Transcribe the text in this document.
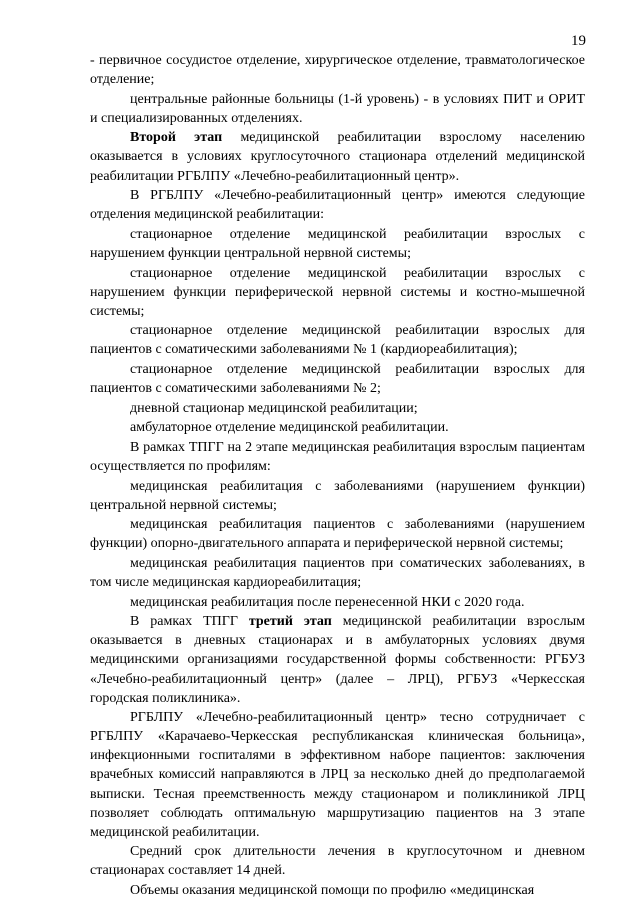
19

- первичное сосудистое отделение, хирургическое отделение, травматологическое отделение;

центральные районные больницы (1-й уровень) - в условиях ПИТ и ОРИТ и специализированных отделениях.

Второй этап медицинской реабилитации взрослому населению оказывается в условиях круглосуточного стационара отделений медицинской реабилитации РГБЛПУ «Лечебно-реабилитационный центр».

В РГБЛПУ «Лечебно-реабилитационный центр» имеются следующие отделения медицинской реабилитации:

стационарное отделение медицинской реабилитации взрослых с нарушением функции центральной нервной системы;

стационарное отделение медицинской реабилитации взрослых с нарушением функции периферической нервной системы и костно-мышечной системы;

стационарное отделение медицинской реабилитации взрослых для пациентов с соматическими заболеваниями № 1 (кардиореабилитация);

стационарное отделение медицинской реабилитации взрослых для пациентов с соматическими заболеваниями № 2;

дневной стационар медицинской реабилитации;

амбулаторное отделение медицинской реабилитации.

В рамках ТПГГ на 2 этапе медицинская реабилитация взрослым пациентам осуществляется по профилям:

медицинская реабилитация с заболеваниями (нарушением функции) центральной нервной системы;

медицинская реабилитация пациентов с заболеваниями (нарушением функции) опорно-двигательного аппарата и периферической нервной системы;

медицинская реабилитация пациентов при соматических заболеваниях, в том числе медицинская кардиореабилитация;

медицинская реабилитация после перенесенной НКИ с 2020 года.

В рамках ТПГГ третий этап медицинской реабилитации взрослым оказывается в дневных стационарах и в амбулаторных условиях двумя медицинскими организациями государственной формы собственности: РГБУЗ «Лечебно-реабилитационный центр» (далее – ЛРЦ), РГБУЗ «Черкесская городская поликлиника».

РГБЛПУ «Лечебно-реабилитационный центр» тесно сотрудничает с РГБЛПУ «Карачаево-Черкесская республиканская клиническая больница», инфекционными госпиталями в эффективном наборе пациентов: заключения врачебных комиссий направляются в ЛРЦ за несколько дней до предполагаемой выписки. Тесная преемственность между стационаром и поликлиникой ЛРЦ позволяет соблюдать оптимальную маршрутизацию пациентов на 3 этапе медицинской реабилитации.

Средний срок длительности лечения в круглосуточном и дневном стационарах составляет 14 дней.

Объемы оказания медицинской помощи по профилю «медицинская
